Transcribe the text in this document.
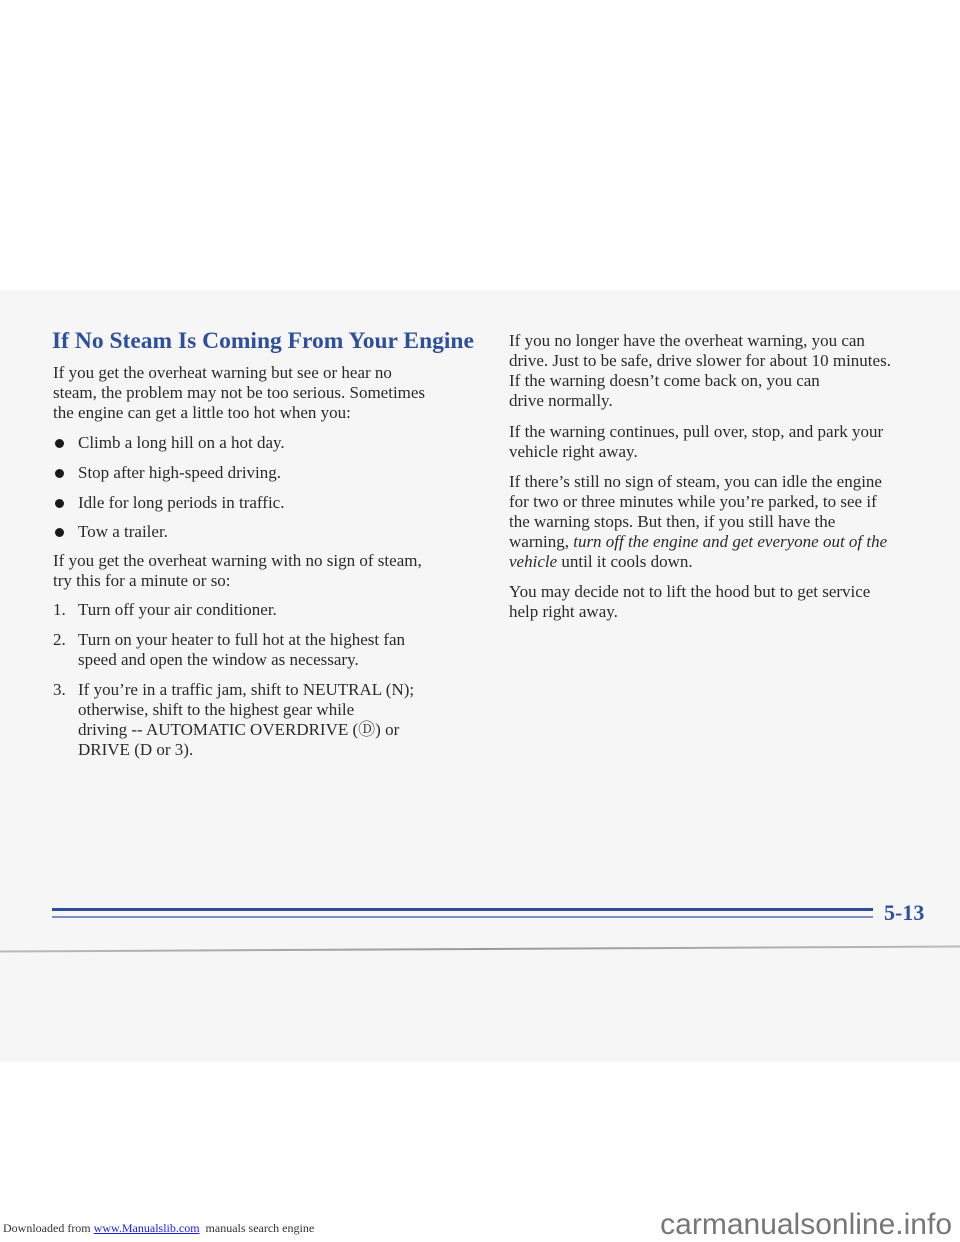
If No Steam Is Coming From Your Engine
If you get the overheat warning but see or hear no
steam, the problem may not be too serious. Sometimes
the engine can get a little too hot when you:
Climb a long hill on a hot day.
Stop after high-speed driving.
Idle for long periods in traffic.
Tow a trailer.
If you get the overheat warning with no sign of steam,
try this for a minute or so:
1. Turn off your air conditioner.
2. Turn on your heater to full hot at the highest fan
speed and open the window as necessary.
3. If you’re in a traffic jam, shift to NEUTRAL (N);
otherwise, shift to the highest gear while
driving -- AUTOMATIC OVERDRIVE (Ⓓ) or
DRIVE (D or 3).
If you no longer have the overheat warning, you can
drive. Just to be safe, drive slower for about 10 minutes.
If the warning doesn’t come back on, you can
drive normally.
If the warning continues, pull over, stop, and park your
vehicle right away.
If there’s still no sign of steam, you can idle the engine
for two or three minutes while you’re parked, to see if
the warning stops. But then, if you still have the
warning, turn off the engine and get everyone out of the
vehicle until it cools down.
You may decide not to lift the hood but to get service
help right away.
5-13
Downloaded from www.Manualslib.com  manuals search engine	carmanualsonline.info
